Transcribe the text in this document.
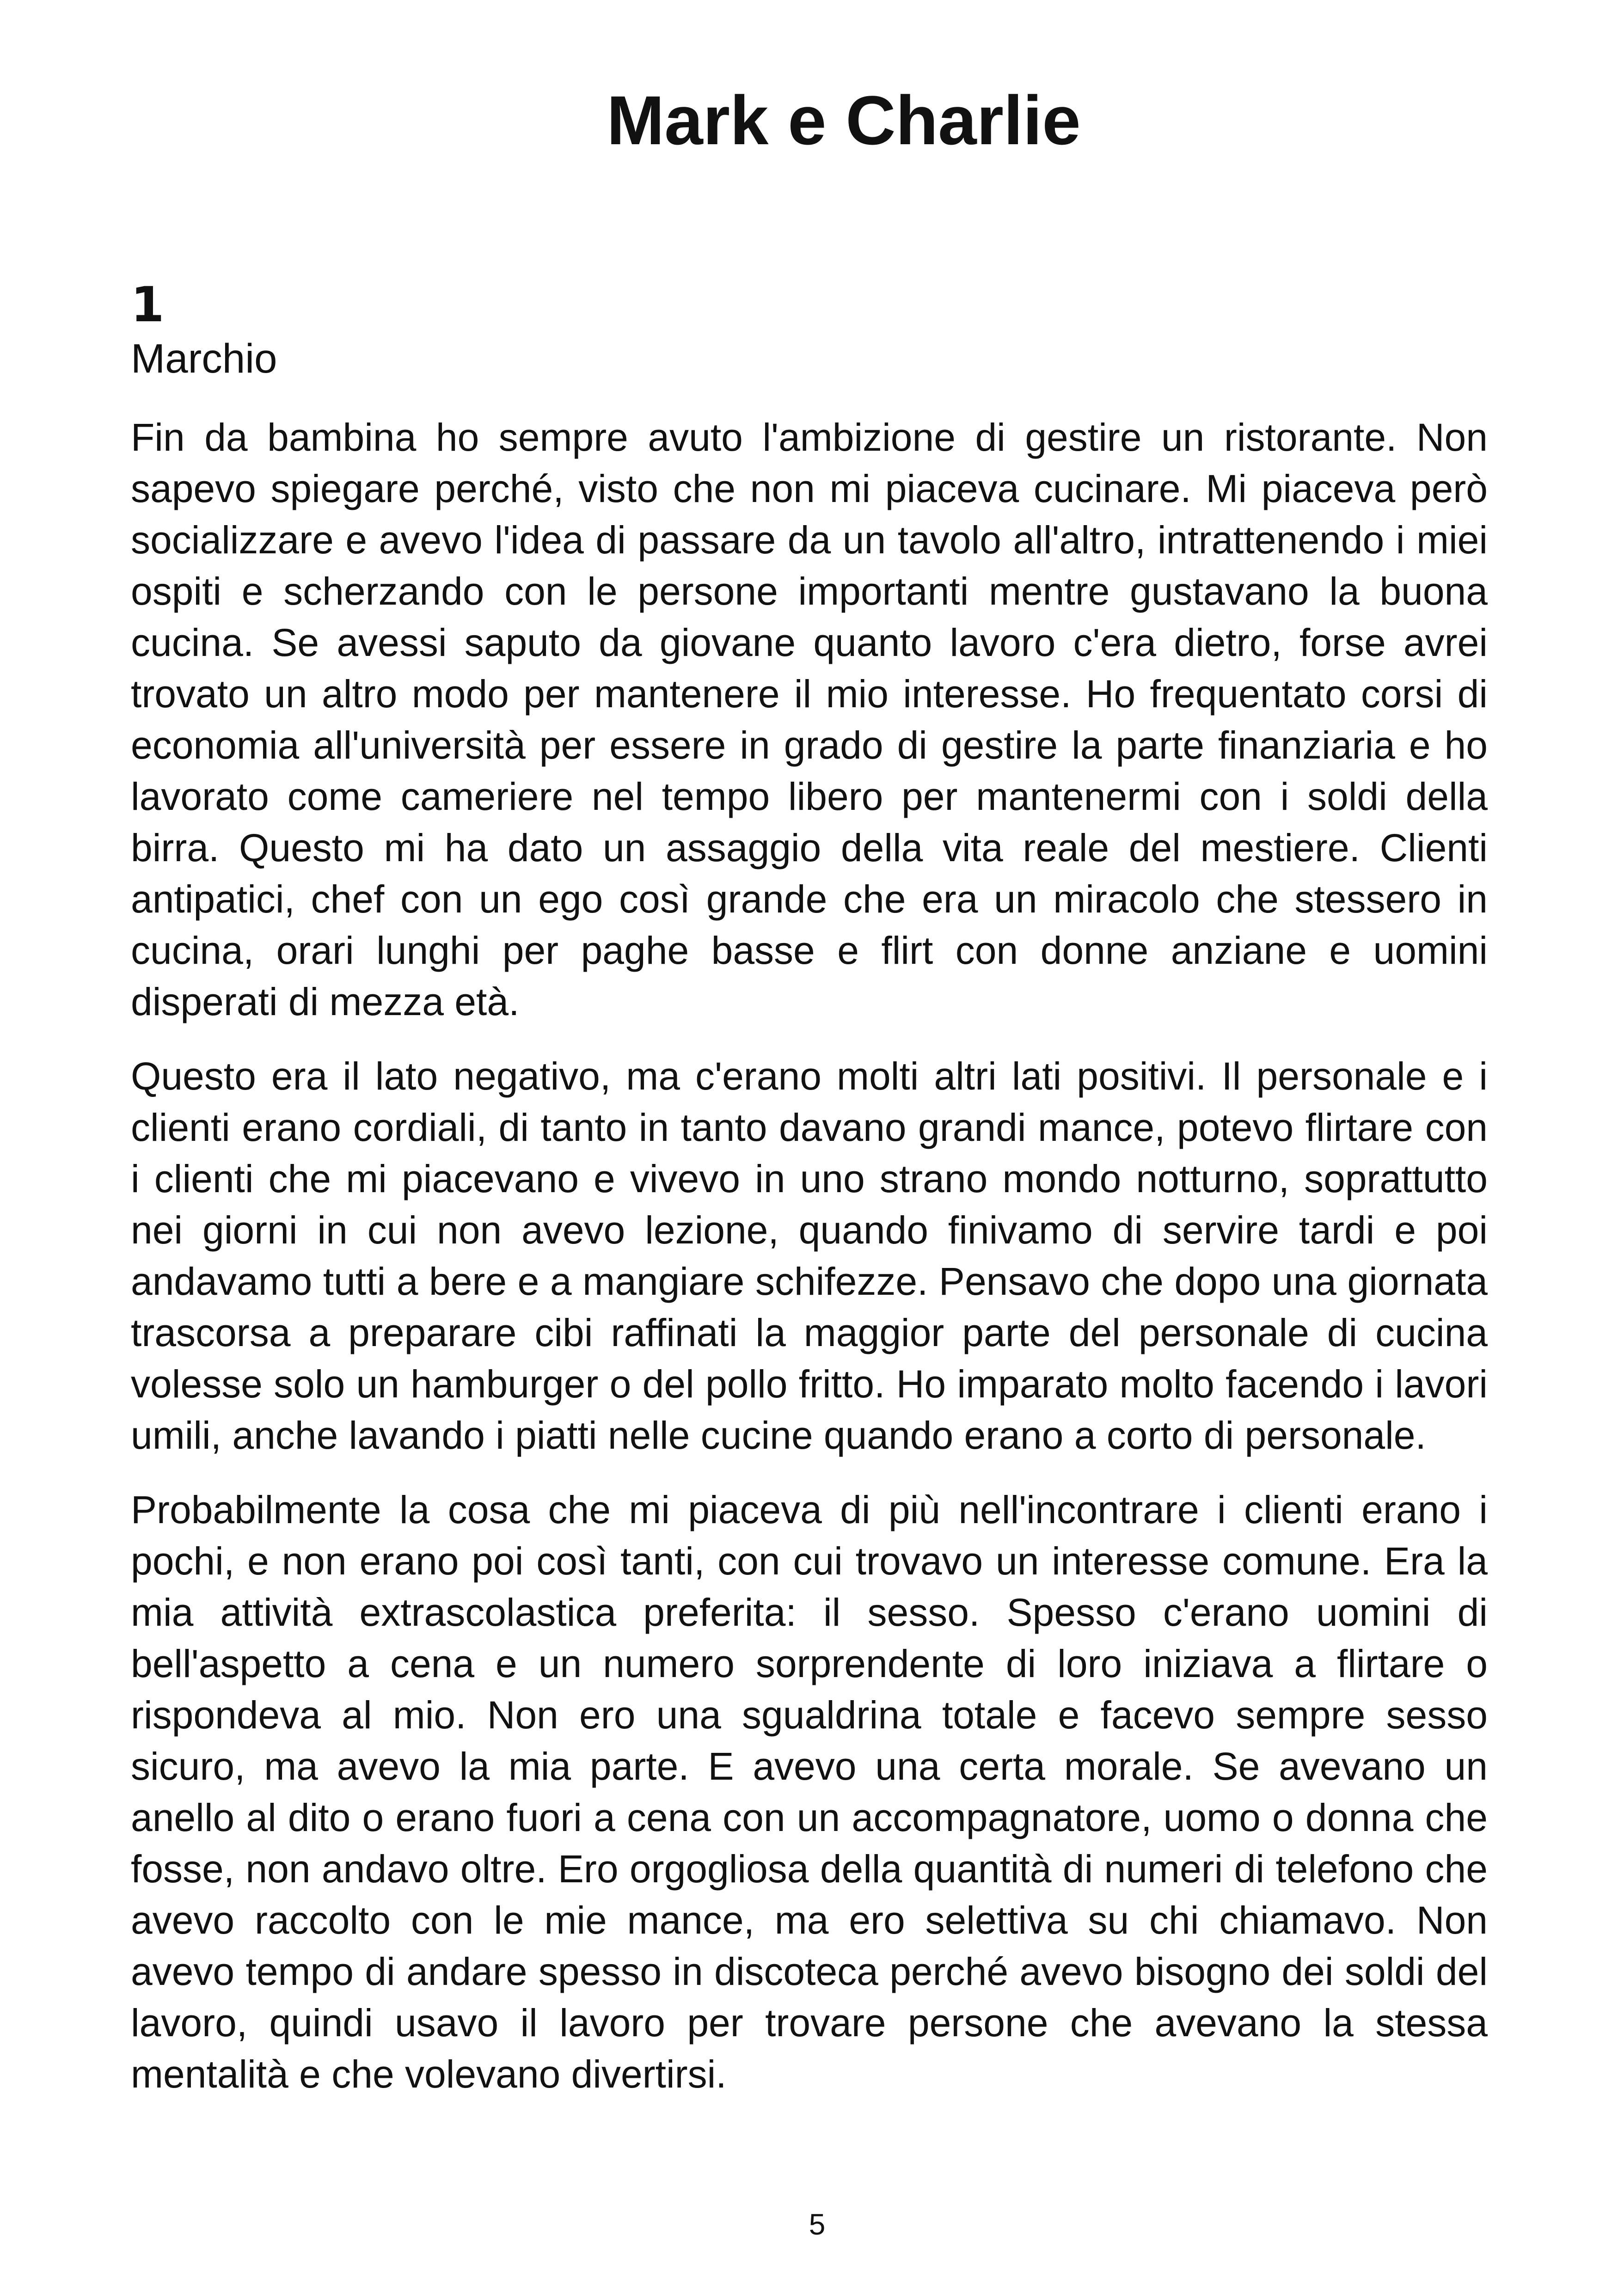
Mark e Charlie
1
Marchio

Fin da bambina ho sempre avuto l'ambizione di gestire un ristorante. Non sapevo spiegare perché, visto che non mi piaceva cucinare. Mi piaceva però socializzare e avevo l'idea di passare da un tavolo all'altro, intrattenendo i miei ospiti e scherzando con le persone importanti mentre gustavano la buona cucina. Se avessi saputo da giovane quanto lavoro c'era dietro, forse avrei trovato un altro modo per mantenere il mio interesse. Ho frequentato corsi di economia all'università per essere in grado di gestire la parte finanziaria e ho lavorato come cameriere nel tempo libero per mantenermi con i soldi della birra. Questo mi ha dato un assaggio della vita reale del mestiere. Clienti antipatici, chef con un ego così grande che era un miracolo che stessero in cucina, orari lunghi per paghe basse e flirt con donne anziane e uomini disperati di mezza età.

Questo era il lato negativo, ma c'erano molti altri lati positivi. Il personale e i clienti erano cordiali, di tanto in tanto davano grandi mance, potevo flirtare con i clienti che mi piacevano e vivevo in uno strano mondo notturno, soprattutto nei giorni in cui non avevo lezione, quando finivamo di servire tardi e poi andavamo tutti a bere e a mangiare schifezze. Pensavo che dopo una giornata trascorsa a preparare cibi raffinati la maggior parte del personale di cucina volesse solo un hamburger o del pollo fritto. Ho imparato molto facendo i lavori umili, anche lavando i piatti nelle cucine quando erano a corto di personale.

Probabilmente la cosa che mi piaceva di più nell'incontrare i clienti erano i pochi, e non erano poi così tanti, con cui trovavo un interesse comune. Era la mia attività extrascolastica preferita: il sesso. Spesso c'erano uomini di bell'aspetto a cena e un numero sorprendente di loro iniziava a flirtare o rispondeva al mio. Non ero una sgualdrina totale e facevo sempre sesso sicuro, ma avevo la mia parte. E avevo una certa morale. Se avevano un anello al dito o erano fuori a cena con un accompagnatore, uomo o donna che fosse, non andavo oltre. Ero orgogliosa della quantità di numeri di telefono che avevo raccolto con le mie mance, ma ero selettiva su chi chiamavo. Non avevo tempo di andare spesso in discoteca perché avevo bisogno dei soldi del lavoro, quindi usavo il lavoro per trovare persone che avevano la stessa mentalità e che volevano divertirsi.

5
